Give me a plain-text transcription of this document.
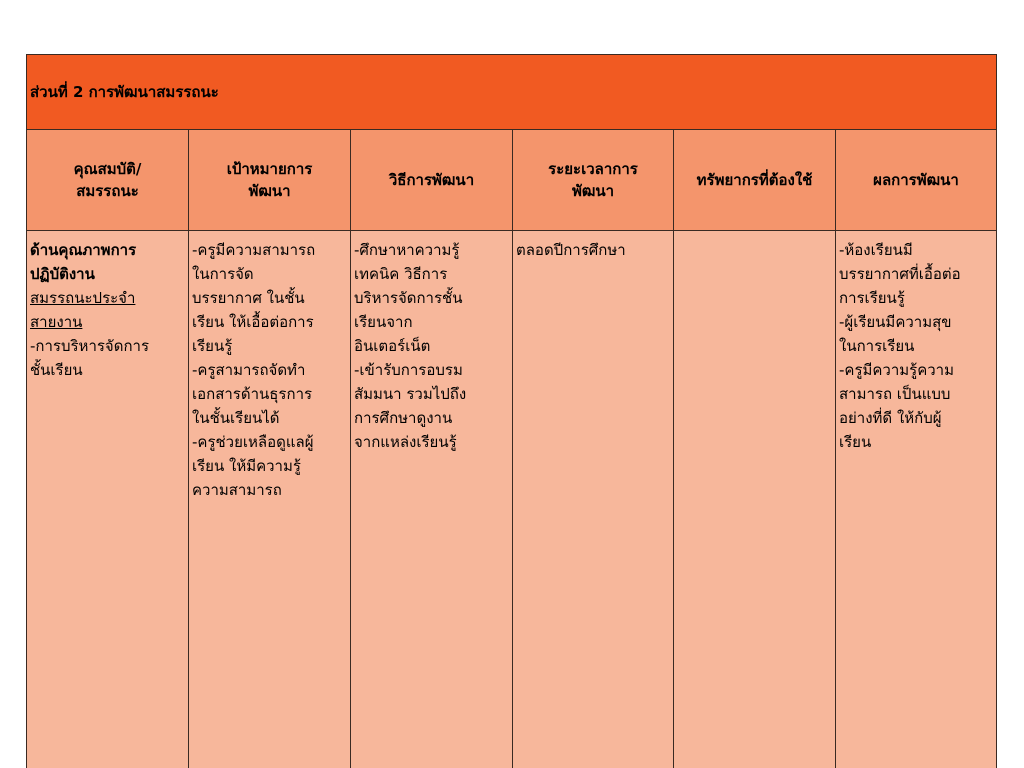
ส่วนที่ 2 การพัฒนาสมรรถนะ
คุณสมบัติ/
สมรรถนะ
ด้านคุณภาพการ
ปฏิบัติงาน
สมรรถนะประจำ
สายงาน
-การบริหารจัดการ
ชั้นเรียน
เป้าหมายการ
พัฒนา
-ครูมีความสามารถ
ในการจัด
บรรยากาศ ในชั้น
เรียน ให้เอื้อต่อการ
เรียนรู้
-ครูสามารถจัดทำ
เอกสารด้านธุรการ
ในชั้นเรียนได้
-ครูช่วยเหลือดูแลผู้
เรียน ให้มีความรู้
ความสามารถ
วิธีการพัฒนา
-ศึกษาหาความรู้
เทคนิค วิธีการ
บริหารจัดการชั้น
เรียนจาก
อินเตอร์เน็ต
-เข้ารับการอบรม
สัมมนา รวมไปถึง
การศึกษาดูงาน
จากแหล่งเรียนรู้
ระยะเวลาการ
พัฒนา
ตลอดปีการศึกษา
ทรัพยากรที่ต้องใช้	ผลการพัฒนา
-ห้องเรียนมี
บรรยากาศที่เอื้อต่อ
การเรียนรู้
-ผู้เรียนมีความสุข
ในการเรียน
-ครูมีความรู้ความ
สามารถ เป็นแบบ
อย่างที่ดี ให้กับผู้
เรียน
